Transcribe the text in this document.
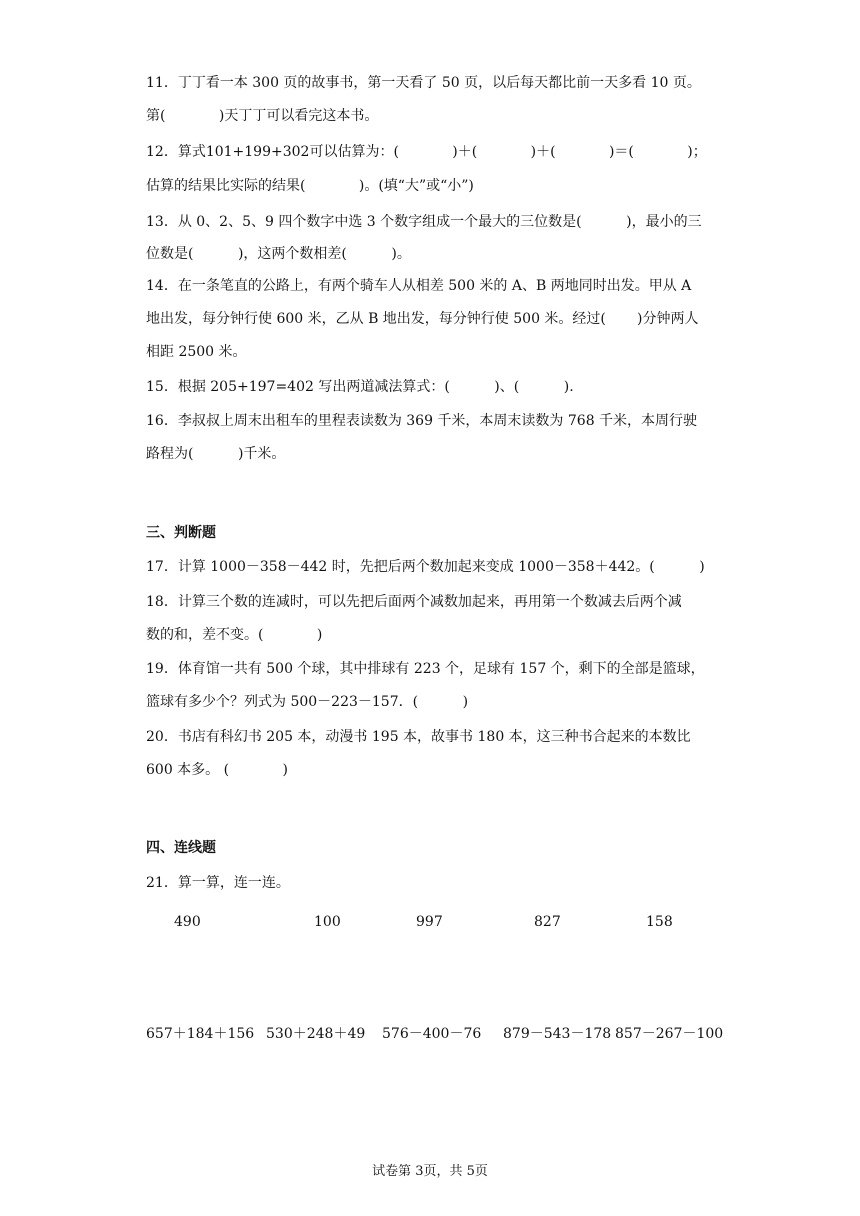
11．丁丁看一本 300 页的故事书，第一天看了 50 页，以后每天都比前一天多看 10 页。
第(            )天丁丁可以看完这本书。
12．算式101+199+302可以估算为：(            )＋(            )＋(            )＝(            )；
估算的结果比实际的结果(            )。(填“大”或“小”)
13．从 0、2、5、9 四个数字中选 3 个数字组成一个最大的三位数是(          )，最小的三
位数是(          )，这两个数相差(          )。
14．在一条笔直的公路上，有两个骑车人从相差 500 米的 A、B 两地同时出发。甲从 A
地出发，每分钟行使 600 米，乙从 B 地出发，每分钟行使 500 米。经过(       )分钟两人
相距 2500 米。
15．根据 205+197=402 写出两道减法算式：(          )、(          ).
16．李叔叔上周末出租车的里程表读数为 369 千米，本周末读数为 768 千米，本周行驶
路程为(          )千米。
三、判断题
17．计算 1000－358－442 时，先把后两个数加起来变成 1000－358＋442。(          )
18．计算三个数的连减时，可以先把后面两个减数加起来，再用第一个数减去后两个减
数的和，差不变。(            )
19．体育馆一共有 500 个球，其中排球有 223 个，足球有 157 个，剩下的全部是篮球，
篮球有多少个？列式为 500－223－157．(          )
20．书店有科幻书 205 本，动漫书 195 本，故事书 180 本，这三种书合起来的本数比
600 本多。 (            )
四、连线题
21．算一算，连一连。
490	100	997	827	158
657＋184＋156 530＋248＋49 576－400－76 879－543－178 857－267－100
试卷第 3页，共 5页
